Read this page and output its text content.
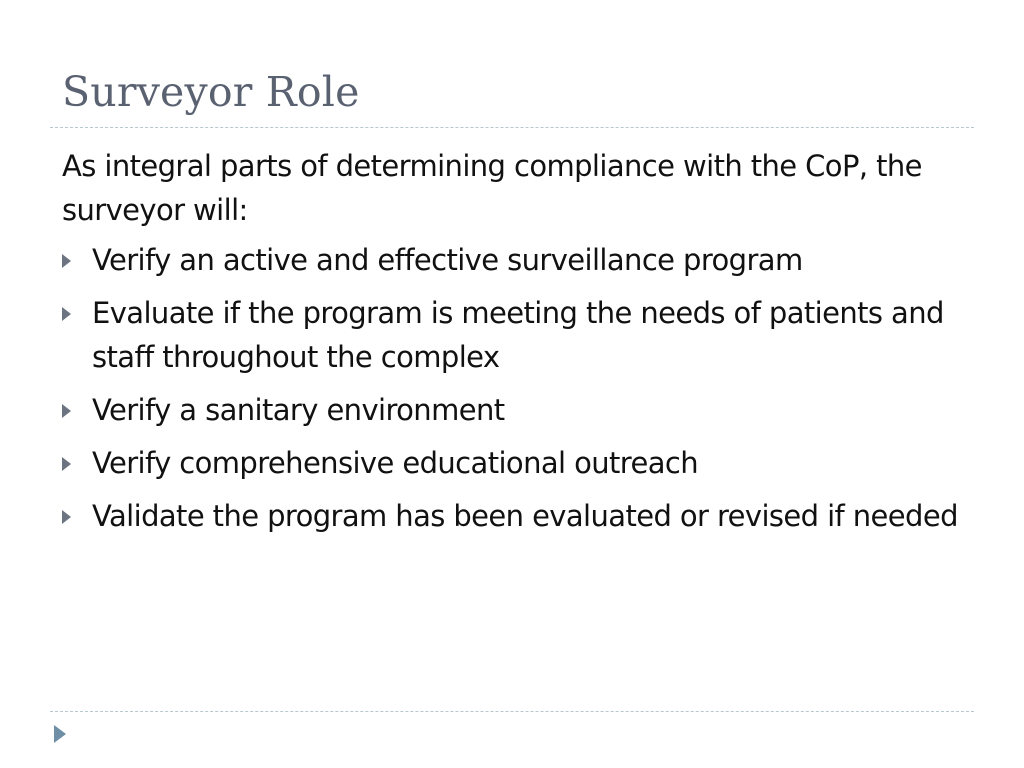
Surveyor Role

As integral parts of determining compliance with the CoP, the surveyor will:

Verify an active and effective surveillance program
Evaluate if the program is meeting the needs of patients and staff throughout the complex
Verify a sanitary environment
Verify comprehensive educational outreach
Validate the program has been evaluated or revised if needed
